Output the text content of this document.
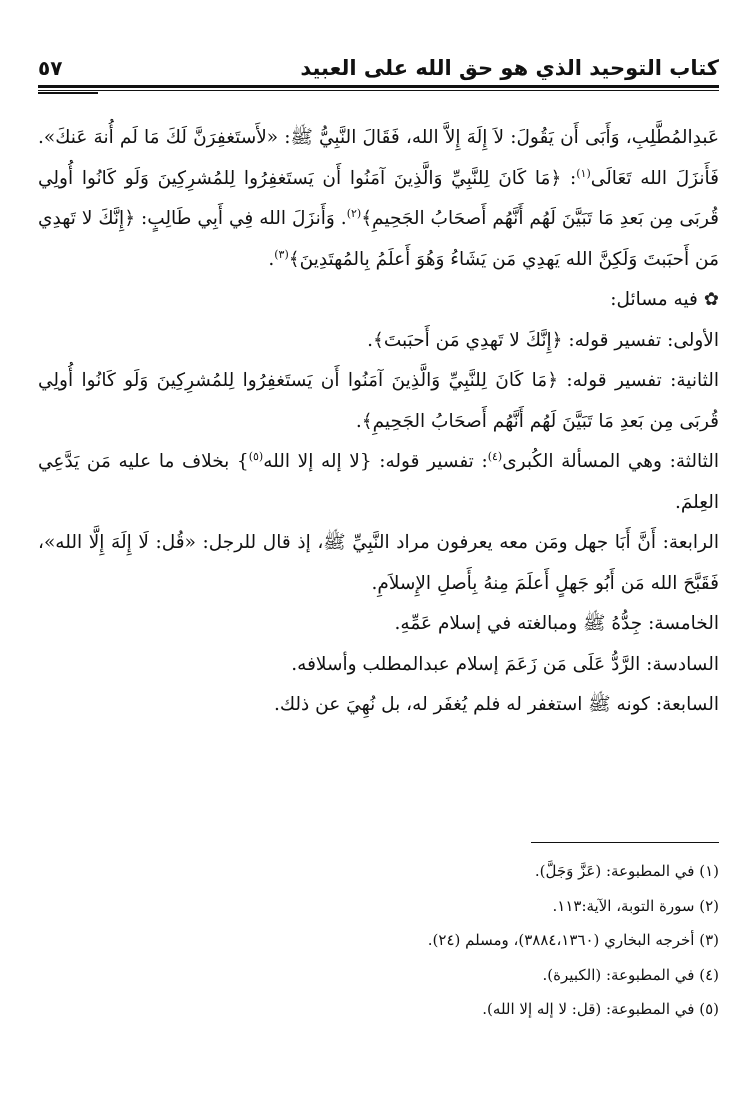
كتاب التوحيد الذي هو حق الله على العبيد
٥٧

عَبدِالمُطَّلِبِ، وَأَبَى أَن يَقُولَ: لاَ إِلَهَ إِلاَّ الله، فَقَالَ النَّبِيُّ ﷺ: «لأَستَغفِرَنَّ لَكَ مَا لَم أُنهَ عَنكَ». فَأَنزَلَ الله تَعَالَى$^{(١)}$: ﴿مَا كَانَ لِلنَّبِيِّ وَالَّذِينَ آمَنُوا أَن يَستَغفِرُوا لِلمُشرِكِينَ وَلَو كَانُوا أُولِي قُربَى مِن بَعدِ مَا تَبَيَّنَ لَهُم أَنَّهُم أَصحَابُ الجَحِيمِ﴾$^{(٢)}$. وَأَنزَلَ الله فِي أَبِي طَالِبٍ: ﴿إِنَّكَ لا تَهدِي مَن أَحبَبتَ وَلَكِنَّ الله يَهدِي مَن يَشَاءُ وَهُوَ أَعلَمُ بِالمُهتَدِينَ﴾$^{(٣)}$.

✿فيه مسائل:

الأولى: تفسير قوله: ﴿إِنَّكَ لا تَهدِي مَن أَحبَبتَ﴾.

الثانية: تفسير قوله: ﴿مَا كَانَ لِلنَّبِيِّ وَالَّذِينَ آمَنُوا أَن يَستَغفِرُوا لِلمُشرِكِينَ وَلَو كَانُوا أُولِي قُربَى مِن بَعدِ مَا تَبَيَّنَ لَهُم أَنَّهُم أَصحَابُ الجَحِيمِ﴾.

الثالثة: وهي المسألة الكُبرى$^{(٤)}$: تفسير قوله: {لا إله إلا الله$^{(٥)}$} بخلاف ما عليه مَن يَدَّعِي العِلمَ.

الرابعة: أَنَّ أَبَا جهل ومَن معه يعرفون مراد النَّبِيِّ ﷺ، إذ قال للرجل: «قُل: لَا إِلَهَ إِلَّا الله»، فَقَبَّحَ الله مَن أَبُو جَهلٍ أَعلَمَ مِنهُ بِأَصلِ الإِسلاَمِ.

الخامسة: جِدُّهُ ﷺ ومبالغته في إسلام عَمِّهِ.

السادسة: الرَّدُّ عَلَى مَن زَعَمَ إسلام عبدالمطلب وأسلافه.

السابعة: كونه ﷺ استغفر له فلم يُغفَر له، بل نُهِيَ عن ذلك.

(١) في المطبوعة: (عَزَّ وَجَلَّ).
(٢) سورة التوبة، الآية:١١٣.
(٣) أخرجه البخاري (٣٨٨٤،١٣٦٠)، ومسلم (٢٤).
(٤) في المطبوعة: (الكبيرة).
(٥) في المطبوعة: (قل: لا إله إلا الله).
